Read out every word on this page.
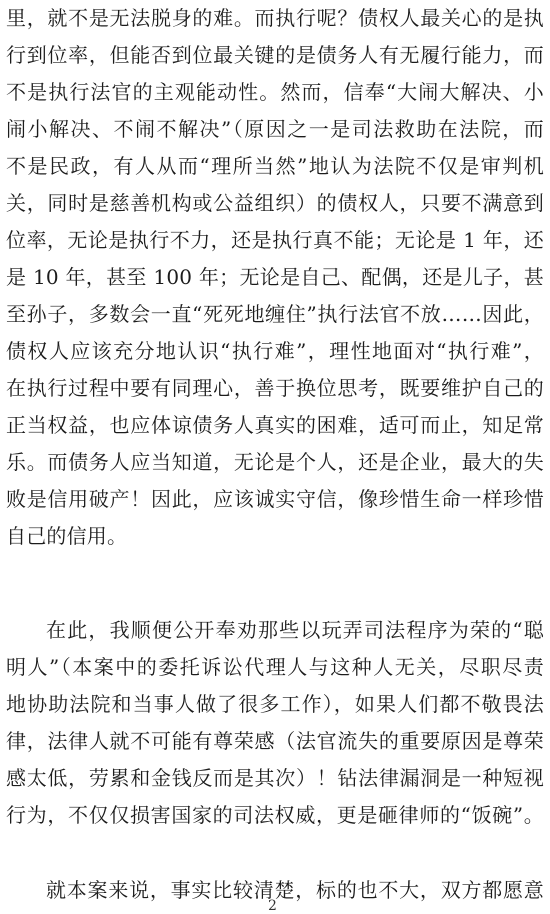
里，就不是无法脱身的难。而执行呢？债权人最关心的是执
行到位率，但能否到位最关键的是债务人有无履行能力，而
不是执行法官的主观能动性。然而，信奉“大闹大解决、小
闹小解决、不闹不解决”（原因之一是司法救助在法院，而
不是民政，有人从而“理所当然”地认为法院不仅是审判机
关，同时是慈善机构或公益组织）的债权人，只要不满意到
位率，无论是执行不力，还是执行真不能；无论是 1 年，还
是 10 年，甚至 100 年；无论是自己、配偶，还是儿子，甚
至孙子，多数会一直“死死地缠住”执行法官不放……因此，
债权人应该充分地认识“执行难”，理性地面对“执行难”，
在执行过程中要有同理心，善于换位思考，既要维护自己的
正当权益，也应体谅债务人真实的困难，适可而止，知足常
乐。而债务人应当知道，无论是个人，还是企业，最大的失
败是信用破产！因此，应该诚实守信，像珍惜生命一样珍惜
自己的信用。
在此，我顺便公开奉劝那些以玩弄司法程序为荣的“聪
明人”（本案中的委托诉讼代理人与这种人无关，尽职尽责
地协助法院和当事人做了很多工作），如果人们都不敬畏法
律，法律人就不可能有尊荣感（法官流失的重要原因是尊荣
感太低，劳累和金钱反而是其次）！钻法律漏洞是一种短视
行为，不仅仅损害国家的司法权威，更是砸律师的“饭碗”。
就本案来说，事实比较清楚，标的也不大，双方都愿意
2
